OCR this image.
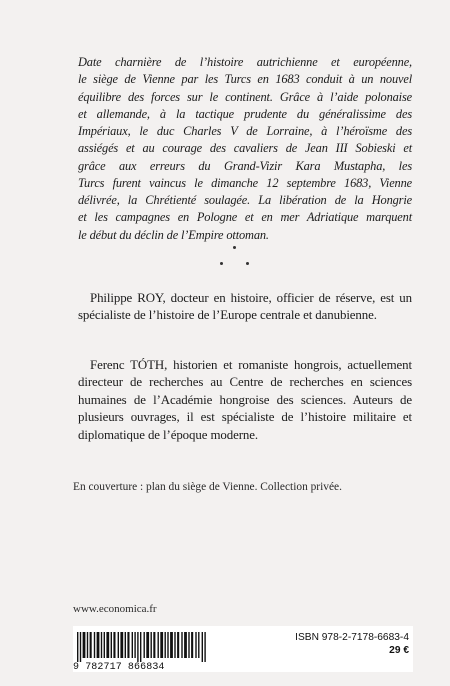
Date charnière de l’histoire autrichienne et européenne,
le siège de Vienne par les Turcs en 1683 conduit à un nouvel
équilibre des forces sur le continent. Grâce à l’aide polonaise
et allemande, à la tactique prudente du généralissime des
Impériaux, le duc Charles V de Lorraine, à l’héroïsme des
assiégés et au courage des cavaliers de Jean III Sobieski et
grâce aux erreurs du Grand-Vizir Kara Mustapha, les
Turcs furent vaincus le dimanche 12 septembre 1683, Vienne
délivrée, la Chrétienté soulagée. La libération de la Hongrie
et les campagnes en Pologne et en mer Adriatique marquent
le début du déclin de l’Empire ottoman.

Philippe ROY, docteur en histoire, officier de réserve, est un spécialiste de l’histoire de l’Europe centrale et danubienne.

Ferenc TÓTH, historien et romaniste hongrois, actuellement directeur de recherches au Centre de recherches en sciences humaines de l’Académie hongroise des sciences. Auteurs de plusieurs ouvrages, il est spécialiste de l’histoire militaire et diplomatique de l’époque moderne.

En couverture : plan du siège de Vienne. Collection privée.
www.economica.fr
9 782717 866834
ISBN 978-2-7178-6683-4
29 €
